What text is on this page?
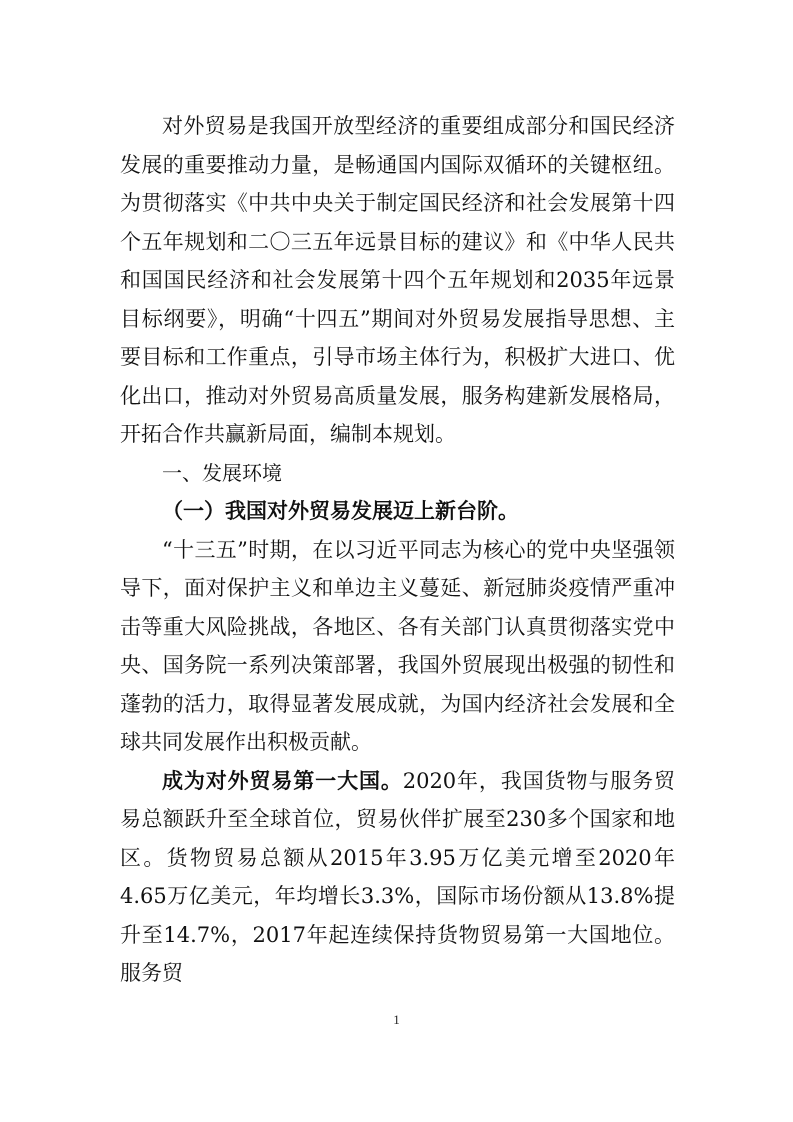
对外贸易是我国开放型经济的重要组成部分和国民经济发展的重要推动力量，是畅通国内国际双循环的关键枢纽。为贯彻落实《中共中央关于制定国民经济和社会发展第十四个五年规划和二〇三五年远景目标的建议》和《中华人民共和国国民经济和社会发展第十四个五年规划和2035年远景目标纲要》，明确“十四五”期间对外贸易发展指导思想、主要目标和工作重点，引导市场主体行为，积极扩大进口、优化出口，推动对外贸易高质量发展，服务构建新发展格局，开拓合作共赢新局面，编制本规划。

一、发展环境

（一）我国对外贸易发展迈上新台阶。

“十三五”时期，在以习近平同志为核心的党中央坚强领导下，面对保护主义和单边主义蔓延、新冠肺炎疫情严重冲击等重大风险挑战，各地区、各有关部门认真贯彻落实党中央、国务院一系列决策部署，我国外贸展现出极强的韧性和蓬勃的活力，取得显著发展成就，为国内经济社会发展和全球共同发展作出积极贡献。

成为对外贸易第一大国。2020年，我国货物与服务贸易总额跃升至全球首位，贸易伙伴扩展至230多个国家和地区。货物贸易总额从2015年3.95万亿美元增至2020年4.65万亿美元，年均增长3.3%，国际市场份额从13.8%提升至14.7%，2017年起连续保持货物贸易第一大国地位。服务贸

1
